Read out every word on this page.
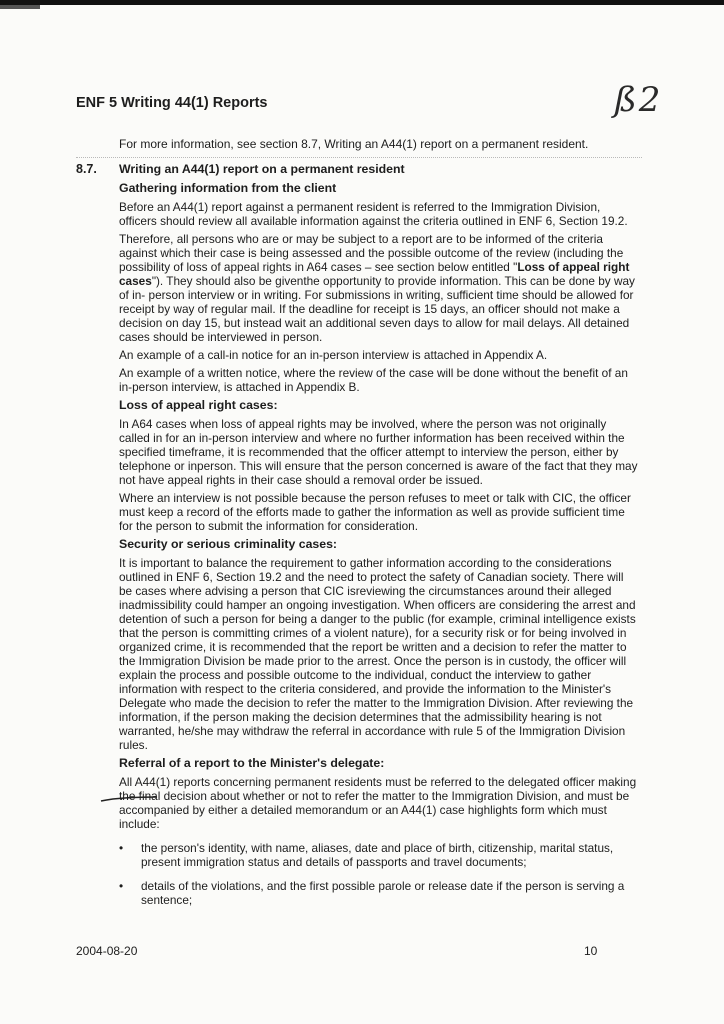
ENF 5 Writing 44(1) Reports	ß2
For more information, see section 8.7, Writing an A44(1) report on a permanent resident.
8.7. Writing an A44(1) report on a permanent resident

Gathering information from the client

Before an A44(1) report against a permanent resident is referred to the Immigration Division, officers should review all available information against the criteria outlined in ENF 6, Section 19.2.

Therefore, all persons who are or may be subject to a report are to be informed of the criteria against which their case is being assessed and the possible outcome of the review (including the possibility of loss of appeal rights in A64 cases – see section below entitled "Loss of appeal right cases"). They should also be giventhe opportunity to provide information. This can be done by way of in- person interview or in writing. For submissions in writing, sufficient time should be allowed for receipt by way of regular mail. If the deadline for receipt is 15 days, an officer should not make a decision on day 15, but instead wait an additional seven days to allow for mail delays. All detained cases should be interviewed in person.

An example of a call-in notice for an in-person interview is attached in Appendix A.

An example of a written notice, where the review of the case will be done without the benefit of an in-person interview, is attached in Appendix B.

Loss of appeal right cases:

In A64 cases when loss of appeal rights may be involved, where the person was not originally called in for an in-person interview and where no further information has been received within the specified timeframe, it is recommended that the officer attempt to interview the person, either by telephone or inperson. This will ensure that the person concerned is aware of the fact that they may not have appeal rights in their case should a removal order be issued.

Where an interview is not possible because the person refuses to meet or talk with CIC, the officer must keep a record of the efforts made to gather the information as well as provide sufficient time for the person to submit the information for consideration.

Security or serious criminality cases:

It is important to balance the requirement to gather information according to the considerations outlined in ENF 6, Section 19.2 and the need to protect the safety of Canadian society. There will be cases where advising a person that CIC isreviewing the circumstances around their alleged inadmissibility could hamper an ongoing investigation. When officers are considering the arrest and detention of such a person for being a danger to the public (for example, criminal intelligence exists that the person is committing crimes of a violent nature), for a security risk or for being involved in organized crime, it is recommended that the report be written and a decision to refer the matter to the Immigration Division be made prior to the arrest. Once the person is in custody, the officer will explain the process and possible outcome to the individual, conduct the interview to gather information with respect to the criteria considered, and provide the information to the Minister's Delegate who made the decision to refer the matter to the Immigration Division. After reviewing the information, if the person making the decision determines that the admissibility hearing is not warranted, he/she may withdraw the referral in accordance with rule 5 of the Immigration Division rules.

Referral of a report to the Minister's delegate:

All A44(1) reports concerning permanent residents must be referred to the delegated officer making the final decision about whether or not to refer the matter to the Immigration Division, and must be accompanied by either a detailed memorandum or an A44(1) case highlights form which must include:

• the person's identity, with name, aliases, date and place of birth, citizenship, marital status, present immigration status and details of passports and travel documents;
• details of the violations, and the first possible parole or release date if the person is serving a sentence;
2004-08-20	10
